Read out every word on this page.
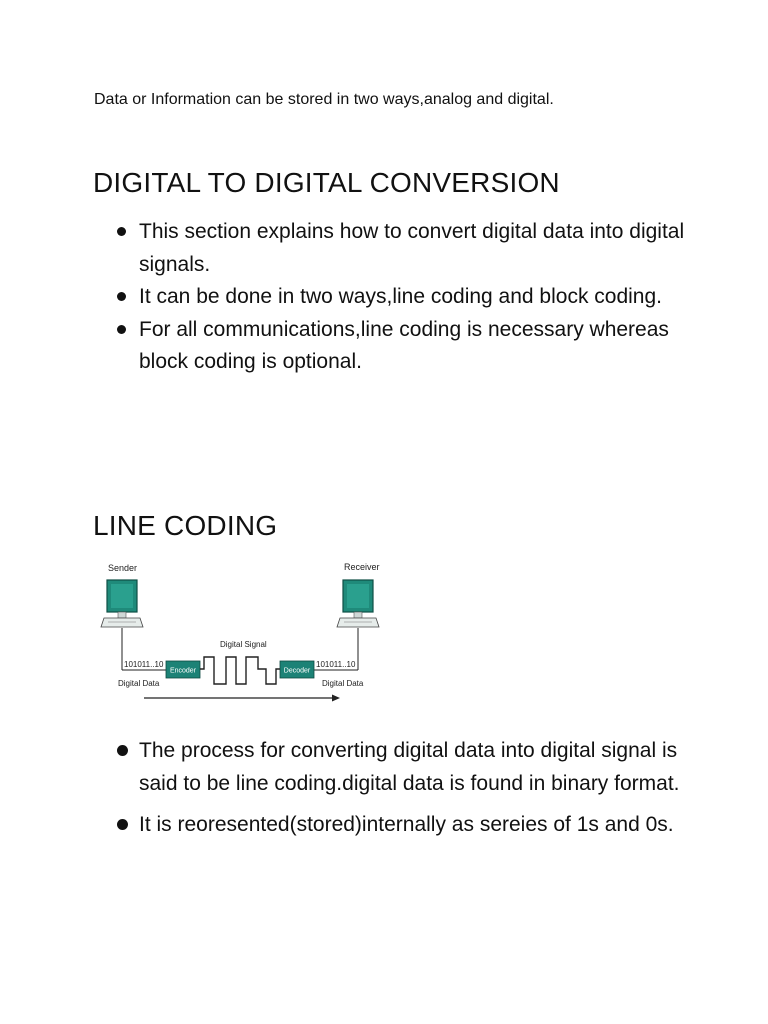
Data or Information can be stored in two ways,analog and digital.

DIGITAL TO DIGITAL CONVERSION
This section explains how to convert digital data into digital signals.
It can be done in two ways,line coding and block coding.
For all communications,line coding is necessary whereas block coding is optional.
LINE CODING
Sender	Receiver
101011..10	101011..10
Encoder	Decoder
Digital Signal
Digital Data	Digital Data
The process for converting digital data into digital signal is said to be line coding.digital data is found in binary format.
It is reoresented(stored)internally as sereies of 1s and 0s.
